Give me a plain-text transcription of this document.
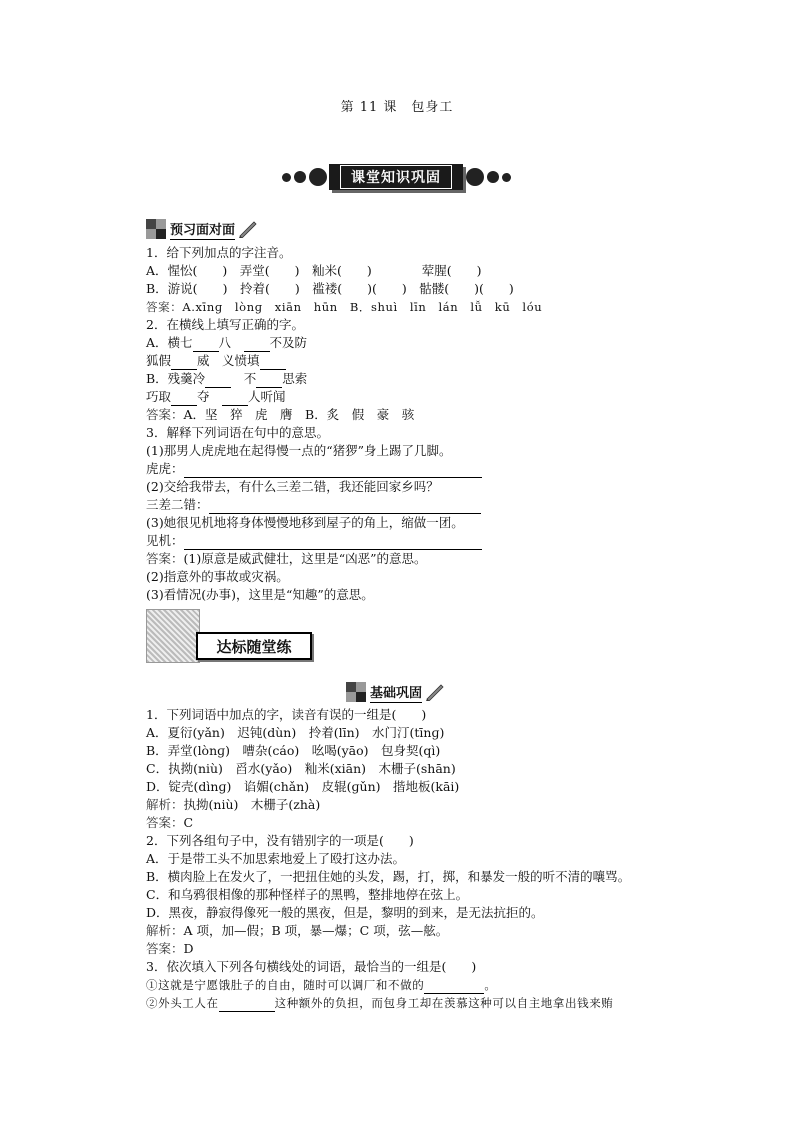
第 11 课　包身工
课堂知识巩固
预习面对面
1．给下列加点的字注音。
A．惺忪(　　)　弄堂(　　)　籼米(　　)　　　　荤腥(　　)
B．游说(　　)　拎着(　　)　褴褛(　　)(　　)　骷髅(　　)(　　)
答案：A.xīnɡ　lònɡ　xiān　hūn　B．shuì　līn　lán　lǚ　kū　lóu
2．在横线上填写正确的字。
A．横七 八　不及防
狐假 威　义愤填
B．残羹冷　不 思索
巧取 夺　人听闻
答案：A．坚　猝　虎　膺　B．炙　假　豪　骇
3．解释下列词语在句中的意思。
(1)那男人虎虎地在起得慢一点的“猪猡”身上踢了几脚。
虎虎：
(2)交给我带去，有什么三差二错，我还能回家乡吗？
三差二错：
(3)她很见机地将身体慢慢地移到屋子的角上，缩做一团。
见机：
答案：(1)原意是威武健壮，这里是“凶恶”的意思。
(2)指意外的事故或灾祸。
(3)看情况(办事)，这里是“知趣”的意思。
达标随堂练
基础巩固
1．下列词语中加点的字，读音有误的一组是(　　)
A．夏衍(yǎn)　迟钝(dùn)　拎着(līn)　水门汀(tīnɡ)
B．弄堂(lònɡ)　嘈杂(cáo)　吆喝(yāo)　包身契(qì)
C．执拗(niù)　舀水(yǎo)　籼米(xiān)　木栅子(shān)
D．锭壳(dìnɡ)　谄媚(chǎn)　皮辊(ɡǔn)　揩地板(kāi)
解析：执拗(niù)　木栅子(zhà)
答案：C
2．下列各组句子中，没有错别字的一项是(　　)
A．于是带工头不加思索地爱上了殴打这办法。
B．横肉脸上在发火了，一把扭住她的头发，踢，打，掷，和暴发一般的听不清的嚷骂。
C．和乌鸦很相像的那种怪样子的黑鸭，整排地停在弦上。
D．黑夜，静寂得像死一般的黑夜，但是，黎明的到来，是无法抗拒的。
解析：A 项，加—假；B 项，暴—爆；C 项，弦—舷。
答案：D
3．依次填入下列各句横线处的词语，最恰当的一组是(　　)
①这就是宁愿饿肚子的自由，随时可以调厂和不做的	。
②外头工人在	这种额外的负担，而包身工却在羡慕这种可以自主地拿出钱来贿
